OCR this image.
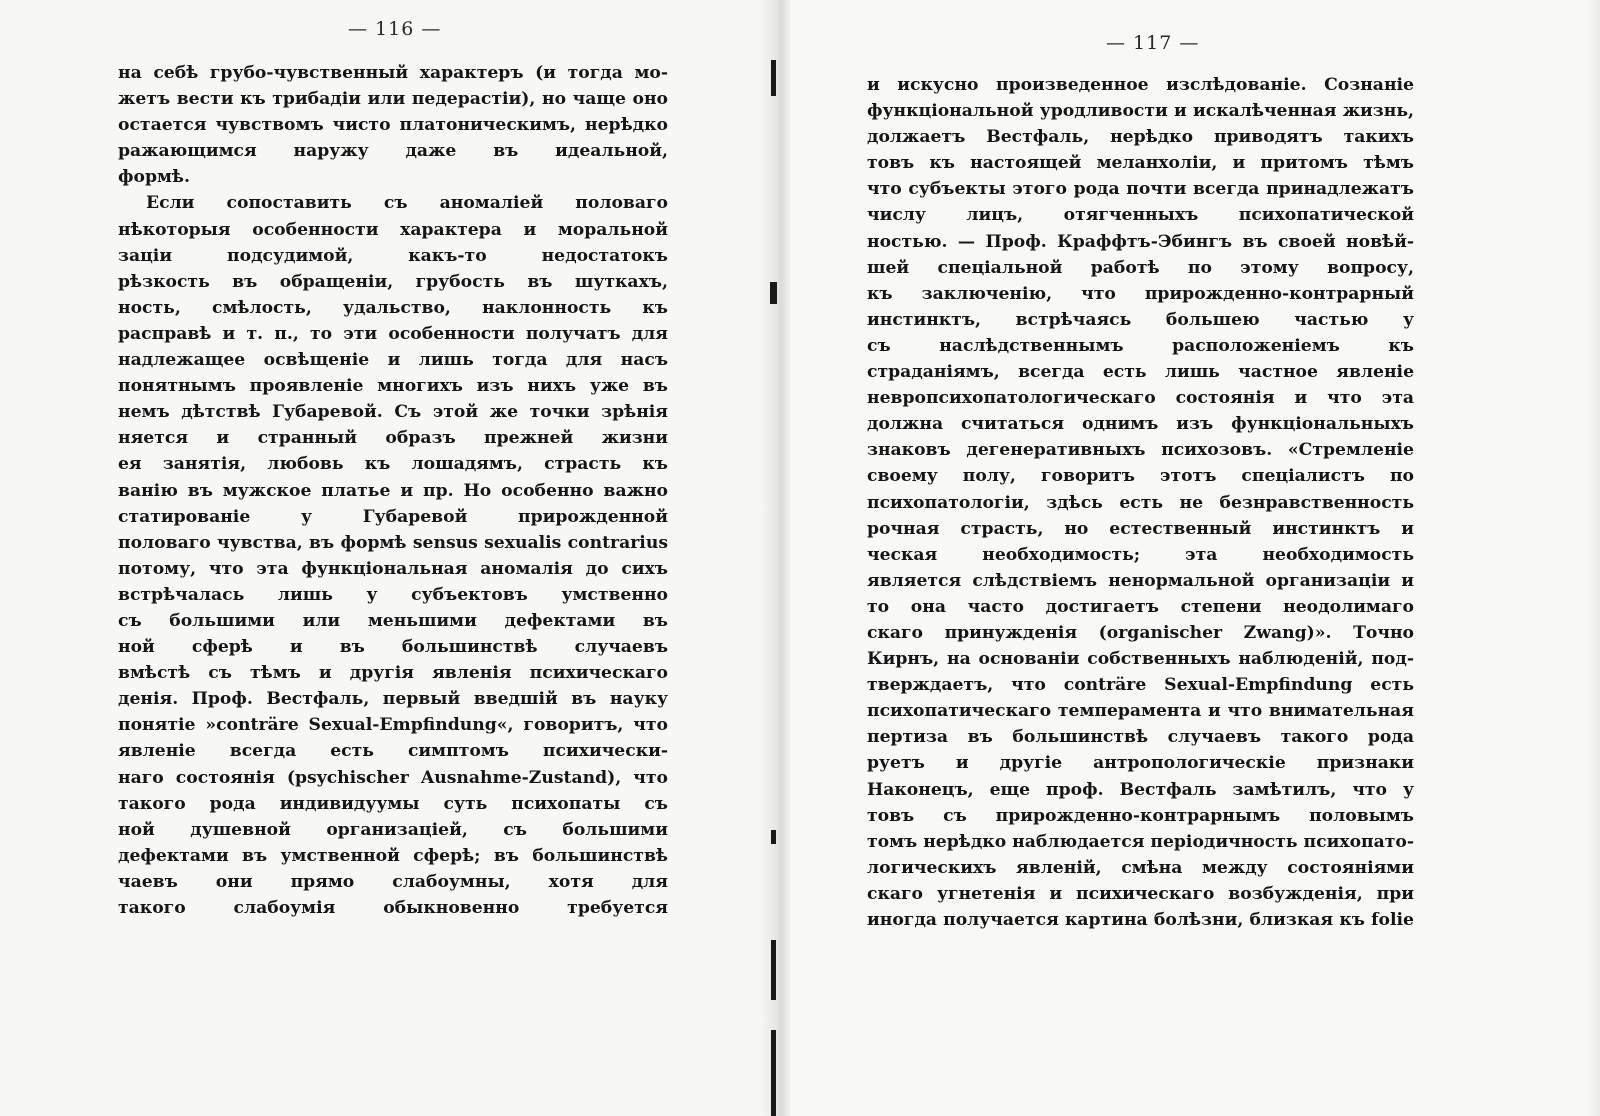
— 116 —
на себѣ грубо-чувственный характеръ (и тогда мо-
жетъ вести къ трибадіи или педерастіи), но чаще оно
остается чувствомъ чисто платоническимъ, нерѣдко
ражающимся наружу даже въ идеальной,
формѣ.
Если сопоставить съ аномаліей половаго
нѣкоторыя особенности характера и моральной
заціи подсудимой, какъ-то недостатокъ
рѣзкость въ обращеніи, грубость въ шуткахъ,
ность, смѣлость, удальство, наклонность къ
расправѣ и т. п., то эти особенности получатъ для
надлежащее освѣщеніе и лишь тогда для насъ
понятнымъ проявленіе многихъ изъ нихъ уже въ
немъ дѣтствѣ Губаревой. Съ этой же точки зрѣнія
няется и странный образъ прежней жизни
ея занятія, любовь къ лошадямъ, страсть къ
ванію въ мужское платье и пр. Но особенно важно
статированіе у Губаревой прирожденной
половаго чувства, въ формѣ sensus sexualis contrarius
потому, что эта функціональная аномалія до сихъ
встрѣчалась лишь у субъектовъ умственно
съ большими или меньшими дефектами въ
ной сферѣ и въ большинствѣ случаевъ
вмѣстѣ съ тѣмъ и другія явленія психическаго
денія. Проф. Вестфаль, первый введшій въ науку
понятіе »conträre Sexual-Empfindung«, говоритъ, что
явленіе всегда есть симптомъ психически-
наго состоянія (psychischer Ausnahme-Zustand), что
такого рода индивидуумы суть психопаты съ
ной душевной организаціей, съ большими
дефектами въ умственной сферѣ; въ большинствѣ
чаевъ они прямо слабоумны, хотя для
такого слабоумія обыкновенно требуется
— 117 —
и искусно произведенное изслѣдованіе. Сознаніе
функціональной уродливости и искалѣченная жизнь,
должаетъ Вестфаль, нерѣдко приводятъ такихъ
товъ къ настоящей меланхоліи, и притомъ тѣмъ
что субъекты этого рода почти всегда принадлежатъ
числу лицъ, отягченныхъ психопатической
ностью. — Проф. Краффтъ-Эбингъ въ своей новѣй-
шей спеціальной работѣ по этому вопросу,
къ заключенію, что прирожденно-контрарный
инстинктъ, встрѣчаясь большею частью у
съ наслѣдственнымъ расположеніемъ къ
страданіямъ, всегда есть лишь частное явленіе
невропсихопатологическаго состоянія и что эта
должна считаться однимъ изъ функціональныхъ
знаковъ дегенеративныхъ психозовъ. «Стремленіе
своему полу, говоритъ этотъ спеціалистъ по
психопатологіи, здѣсь есть не безнравственность
рочная страсть, но естественный инстинктъ и
ческая необходимость; эта необходимость
является слѣдствіемъ ненормальной организаціи и
то она часто достигаетъ степени неодолимаго
скаго принужденія (organischer Zwang)». Точно
Кирнъ, на основаніи собственныхъ наблюденій, под-
тверждаетъ, что conträre Sexual-Empfindung есть
психопатическаго темперамента и что внимательная
пертиза въ большинствѣ случаевъ такого рода
руетъ и другіе антропологическіе признаки
Наконецъ, еще проф. Вестфаль замѣтилъ, что у
товъ съ прирожденно-контрарнымъ половымъ
томъ нерѣдко наблюдается періодичность психопато-
логическихъ явленій, смѣна между состояніями
скаго угнетенія и психическаго возбужденія, при
иногда получается картина болѣзни, близкая къ folie
